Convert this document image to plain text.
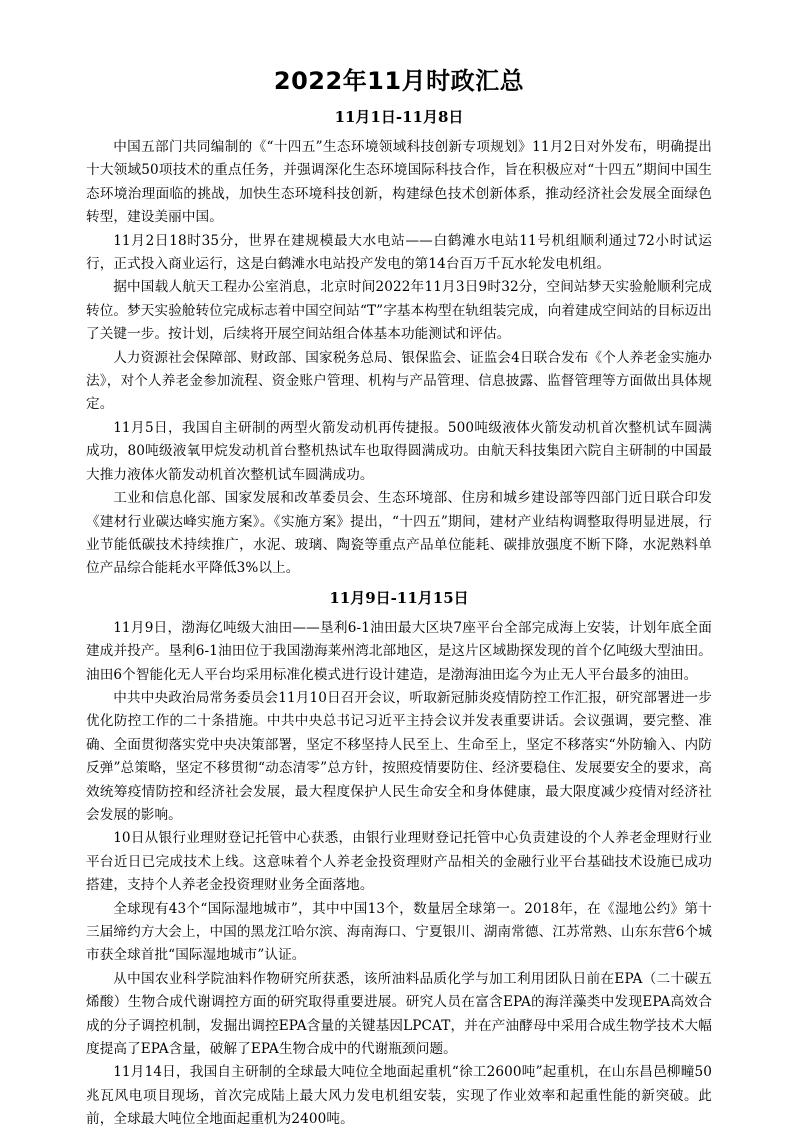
2022年11月时政汇总
11月1日-11月8日

中国五部门共同编制的《“十四五”生态环境领域科技创新专项规划》11月2日对外发布，明确提出十大领域50项技术的重点任务，并强调深化生态环境国际科技合作，旨在积极应对“十四五”期间中国生态环境治理面临的挑战，加快生态环境科技创新，构建绿色技术创新体系，推动经济社会发展全面绿色转型，建设美丽中国。

11月2日18时35分，世界在建规模最大水电站——白鹤滩水电站11号机组顺利通过72小时试运行，正式投入商业运行，这是白鹤滩水电站投产发电的第14台百万千瓦水轮发电机组。

据中国载人航天工程办公室消息，北京时间2022年11月3日9时32分，空间站梦天实验舱顺利完成转位。梦天实验舱转位完成标志着中国空间站“T”字基本构型在轨组装完成，向着建成空间站的目标迈出了关键一步。按计划，后续将开展空间站组合体基本功能测试和评估。

人力资源社会保障部、财政部、国家税务总局、银保监会、证监会4日联合发布《个人养老金实施办法》，对个人养老金参加流程、资金账户管理、机构与产品管理、信息披露、监督管理等方面做出具体规定。

11月5日，我国自主研制的两型火箭发动机再传捷报。500吨级液体火箭发动机首次整机试车圆满成功，80吨级液氧甲烷发动机首台整机热试车也取得圆满成功。由航天科技集团六院自主研制的中国最大推力液体火箭发动机首次整机试车圆满成功。

工业和信息化部、国家发展和改革委员会、生态环境部、住房和城乡建设部等四部门近日联合印发《建材行业碳达峰实施方案》。《实施方案》提出，“十四五”期间，建材产业结构调整取得明显进展，行业节能低碳技术持续推广，水泥、玻璃、陶瓷等重点产品单位能耗、碳排放强度不断下降，水泥熟料单位产品综合能耗水平降低3%以上。

11月9日-11月15日

11月9日，渤海亿吨级大油田——垦利6-1油田最大区块7座平台全部完成海上安装，计划年底全面建成并投产。垦利6-1油田位于我国渤海莱州湾北部地区，是这片区域勘探发现的首个亿吨级大型油田。油田6个智能化无人平台均采用标准化模式进行设计建造，是渤海油田迄今为止无人平台最多的油田。

中共中央政治局常务委员会11月10日召开会议，听取新冠肺炎疫情防控工作汇报，研究部署进一步优化防控工作的二十条措施。中共中央总书记习近平主持会议并发表重要讲话。会议强调，要完整、准确、全面贯彻落实党中央决策部署，坚定不移坚持人民至上、生命至上，坚定不移落实“外防输入、内防反弹”总策略，坚定不移贯彻“动态清零”总方针，按照疫情要防住、经济要稳住、发展要安全的要求，高效统筹疫情防控和经济社会发展，最大程度保护人民生命安全和身体健康，最大限度减少疫情对经济社会发展的影响。

10日从银行业理财登记托管中心获悉，由银行业理财登记托管中心负责建设的个人养老金理财行业平台近日已完成技术上线。这意味着个人养老金投资理财产品相关的金融行业平台基础技术设施已成功搭建，支持个人养老金投资理财业务全面落地。

全球现有43个“国际湿地城市”，其中中国13个，数量居全球第一。2018年，在《湿地公约》第十三届缔约方大会上，中国的黑龙江哈尔滨、海南海口、宁夏银川、湖南常德、江苏常熟、山东东营6个城市获全球首批“国际湿地城市”认证。

从中国农业科学院油料作物研究所获悉，该所油料品质化学与加工利用团队日前在EPA（二十碳五烯酸）生物合成代谢调控方面的研究取得重要进展。研究人员在富含EPA的海洋藻类中发现EPA高效合成的分子调控机制，发掘出调控EPA含量的关键基因LPCAT，并在产油酵母中采用合成生物学技术大幅度提高了EPA含量，破解了EPA生物合成中的代谢瓶颈问题。

11月14日，我国自主研制的全球最大吨位全地面起重机“徐工2600吨”起重机，在山东昌邑柳疃50兆瓦风电项目现场，首次完成陆上最大风力发电机组安装，实现了作业效率和起重性能的新突破。此前，全球最大吨位全地面起重机为2400吨。
